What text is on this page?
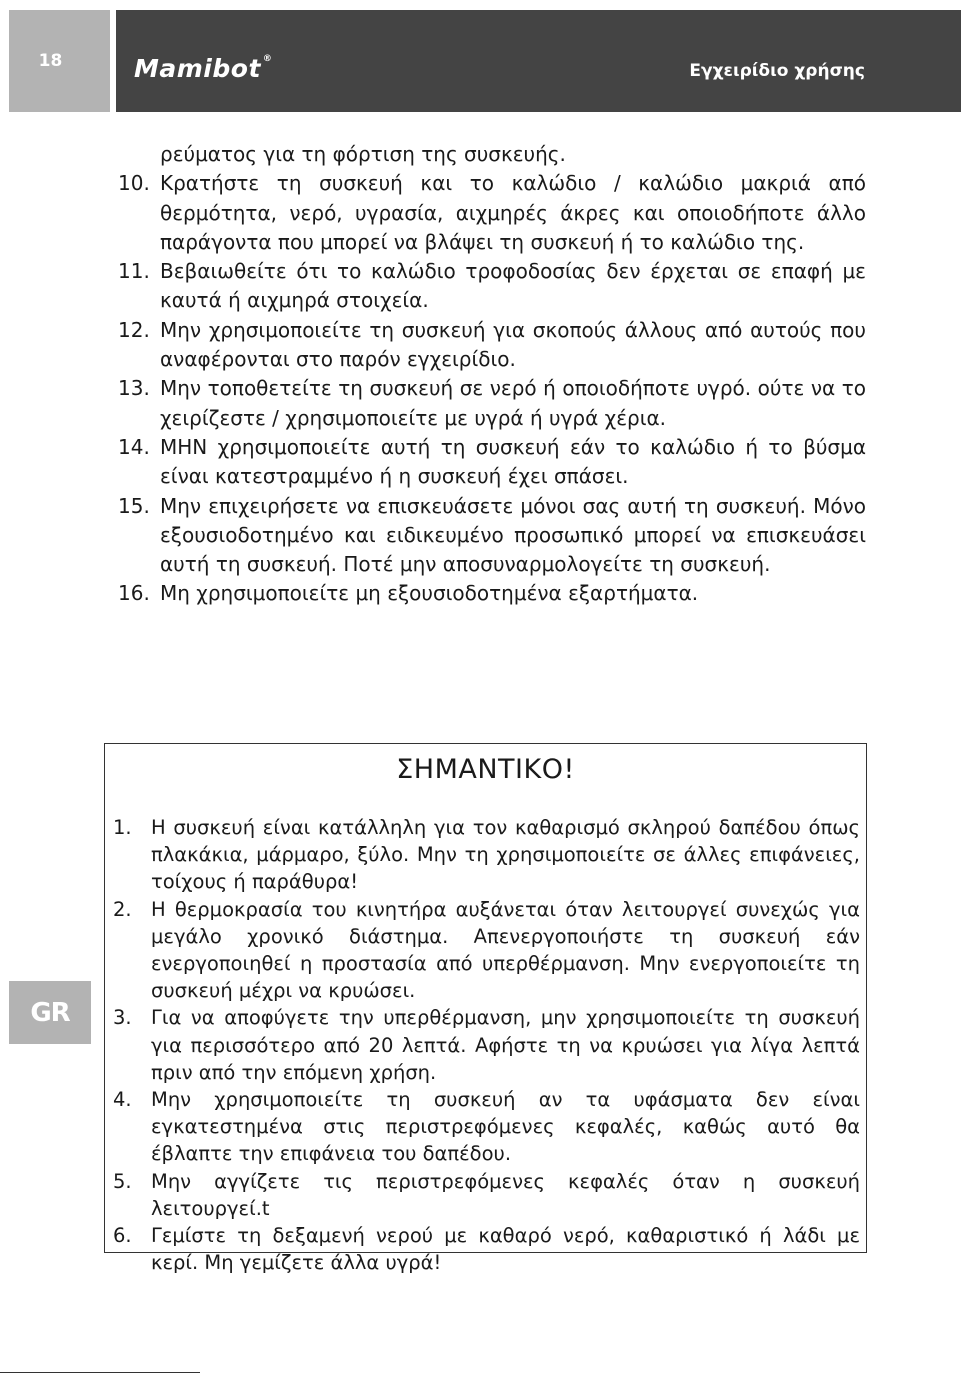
18	Mamibot ®
Εγχειρίδιο χρήσης
ρεύματος για τη φόρτιση της συσκευής.
10. Κρατήστε τη συσκευή και το καλώδιο / καλώδιο μακριά από θερμότητα, νερό, υγρασία, αιχμηρές άκρες και οποιοδήποτε άλλο παράγοντα που μπορεί να βλάψει τη συσκευή ή το καλώδιο της.
11. Βεβαιωθείτε ότι το καλώδιο τροφοδοσίας δεν έρχεται σε επαφή με καυτά ή αιχμηρά στοιχεία.
12. Μην χρησιμοποιείτε τη συσκευή για σκοπούς άλλους από αυτούς που αναφέρονται στο παρόν εγχειρίδιο.
13. Μην τοποθετείτε τη συσκευή σε νερό ή οποιοδήποτε υγρό. ούτε να το χειρίζεστε / χρησιμοποιείτε με υγρά ή υγρά χέρια.
14. ΜΗΝ χρησιμοποιείτε αυτή τη συσκευή εάν το καλώδιο ή το βύσμα είναι κατεστραμμένο ή η συσκευή έχει σπάσει.
15. Μην επιχειρήσετε να επισκευάσετε μόνοι σας αυτή τη συσκευή. Μόνο εξουσιοδοτημένο και ειδικευμένο προσωπικό μπορεί να επισκευάσει αυτή τη συσκευή. Ποτέ μην αποσυναρμολογείτε τη συσκευή.
16. Μη χρησιμοποιείτε μη εξουσιοδοτημένα εξαρτήματα.
GR
ΣΗΜΑΝΤΙΚΟ!
1. Η συσκευή είναι κατάλληλη για τον καθαρισμό σκληρού δαπέδου όπως πλακάκια, μάρμαρο, ξύλο. Μην τη χρησιμοποιείτε σε άλλες επιφάνειες, τοίχους ή παράθυρα!
2. Η θερμοκρασία του κινητήρα αυξάνεται όταν λειτουργεί συνεχώς για μεγάλο χρονικό διάστημα. Απενεργοποιήστε τη συσκευή εάν ενεργοποιηθεί η προστασία από υπερθέρμανση. Μην ενεργοποιείτε τη συσκευή μέχρι να κρυώσει.
3. Για να αποφύγετε την υπερθέρμανση, μην χρησιμοποιείτε τη συσκευή για περισσότερο από 20 λεπτά. Αφήστε τη να κρυώσει για λίγα λεπτά πριν από την επόμενη χρήση.
4. Μην χρησιμοποιείτε τη συσκευή αν τα υφάσματα δεν είναι εγκατεστημένα στις περιστρεφόμενες κεφαλές, καθώς αυτό θα έβλαπτε την επιφάνεια του δαπέδου.
5. Μην αγγίζετε τις περιστρεφόμενες κεφαλές όταν η συσκευή λειτουργεί.t
6. Γεμίστε τη δεξαμενή νερού με καθαρό νερό, καθαριστικό ή λάδι με κερί. Μη γεμίζετε άλλα υγρά!
